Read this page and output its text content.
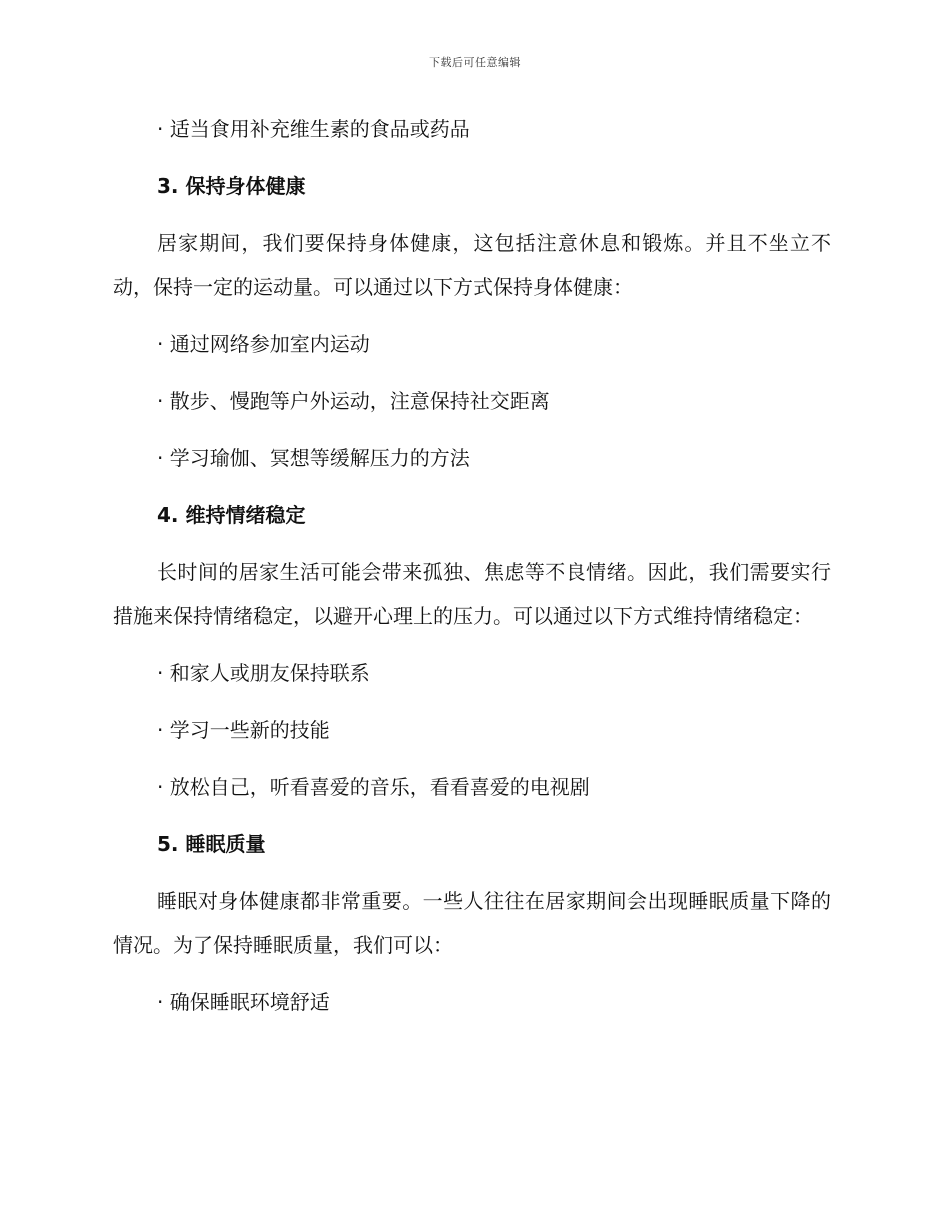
下载后可任意编辑
· 适当食用补充维生素的食品或药品
3. 保持身体健康
居家期间，我们要保持身体健康，这包括注意休息和锻炼。并且不坐立不动，保持一定的运动量。可以通过以下方式保持身体健康：
· 通过网络参加室内运动
· 散步、慢跑等户外运动，注意保持社交距离
· 学习瑜伽、冥想等缓解压力的方法
4. 维持情绪稳定
长时间的居家生活可能会带来孤独、焦虑等不良情绪。因此，我们需要实行措施来保持情绪稳定，以避开心理上的压力。可以通过以下方式维持情绪稳定：
· 和家人或朋友保持联系
· 学习一些新的技能
· 放松自己，听看喜爱的音乐，看看喜爱的电视剧
5. 睡眠质量
睡眠对身体健康都非常重要。一些人往往在居家期间会出现睡眠质量下降的情况。为了保持睡眠质量，我们可以：
· 确保睡眠环境舒适
